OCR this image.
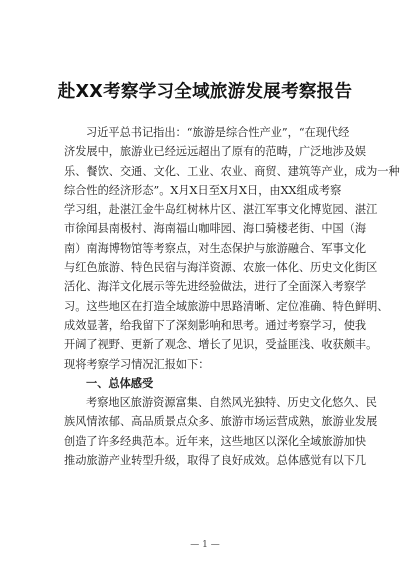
赴XX考察学习全域旅游发展考察报告
习近平总书记指出：“旅游是综合性产业”，“在现代经
济发展中，旅游业已经远远超出了原有的范畴，广泛地涉及娱
乐、餐饮、交通、文化、工业、农业、商贸、建筑等产业，成为一种
综合性的经济形态”。X月X日至X月X日，由XX组成考察
学习组，赴湛江金牛岛红树林片区、湛江军事文化博览园、湛江
市徐闻县南极村、海南福山咖啡园、海口骑楼老街、中国（海
南）南海博物馆等考察点，对生态保护与旅游融合、军事文化
与红色旅游、特色民宿与海洋资源、农旅一体化、历史文化街区
活化、海洋文化展示等先进经验做法，进行了全面深入考察学
习。这些地区在打造全域旅游中思路清晰、定位准确、特色鲜明、
成效显著，给我留下了深刻影响和思考。通过考察学习，使我
开阔了视野、更新了观念、增长了见识，受益匪浅、收获颇丰。
现将考察学习情况汇报如下：
一、总体感受
考察地区旅游资源富集、自然风光独特、历史文化悠久、民
族风情浓郁、高品质景点众多、旅游市场运营成熟，旅游业发展
创造了许多经典范本。近年来，这些地区以深化全域旅游加快
推动旅游产业转型升级，取得了良好成效。总体感觉有以下几
— 1 —
